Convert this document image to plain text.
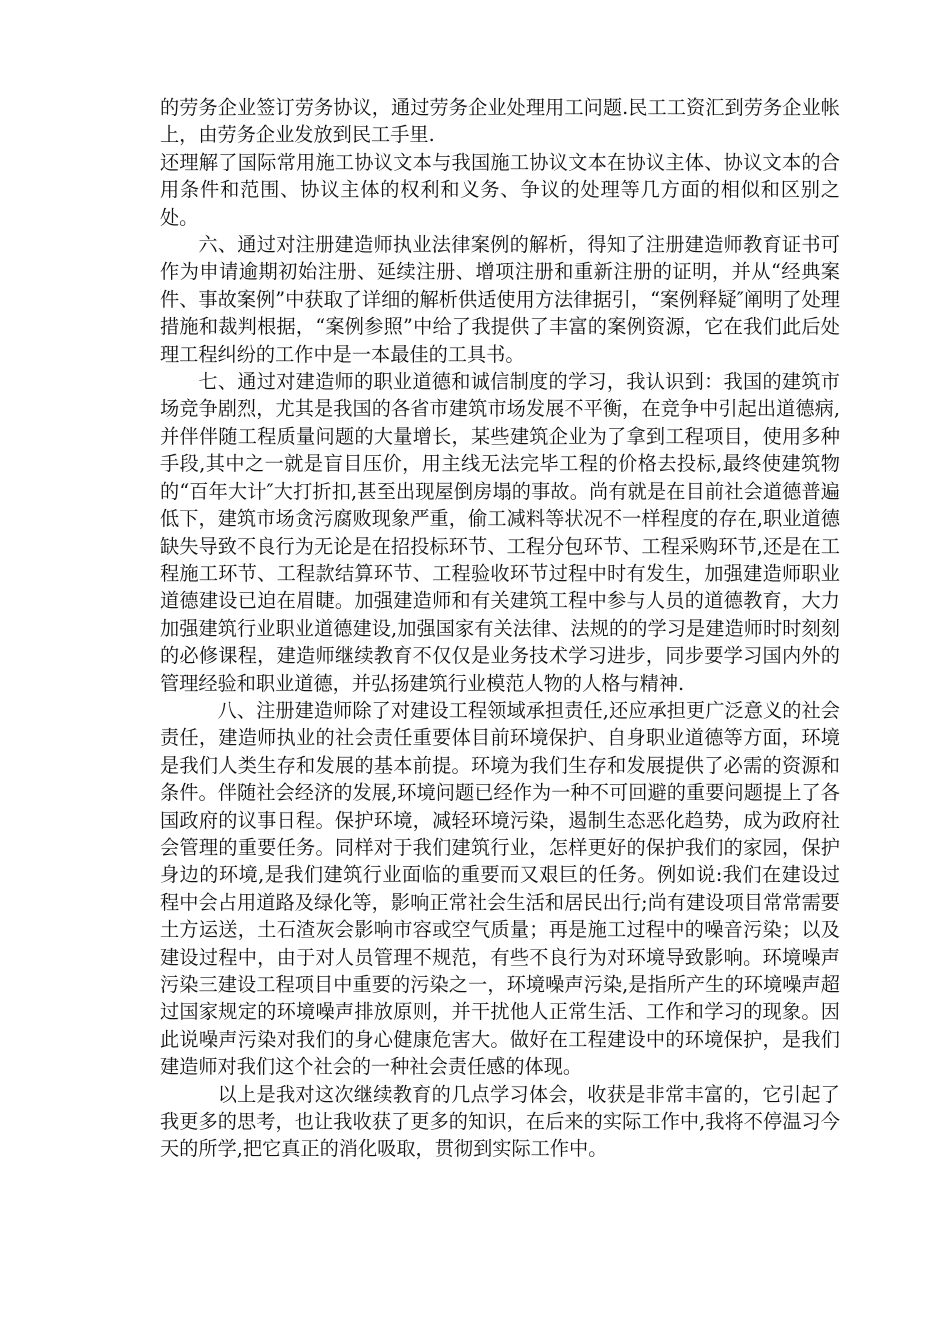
的劳务企业签订劳务协议，通过劳务企业处理用工问题.民工工资汇到劳务企业帐上，由劳务企业发放到民工手里.

还理解了国际常用施工协议文本与我国施工协议文本在协议主体、协议文本的合用条件和范围、协议主体的权利和义务、争议的处理等几方面的相似和区别之处。

六、通过对注册建造师执业法律案例的解析，得知了注册建造师教育证书可作为申请逾期初始注册、延续注册、增项注册和重新注册的证明，并从“经典案件、事故案例”中获取了详细的解析供适使用方法律据引，“案例释疑″阐明了处理措施和裁判根据，“案例参照”中给了我提供了丰富的案例资源，它在我们此后处理工程纠纷的工作中是一本最佳的工具书。

七、通过对建造师的职业道德和诚信制度的学习，我认识到：我国的建筑市场竞争剧烈，尤其是我国的各省市建筑市场发展不平衡，在竞争中引起出道德病,并伴伴随工程质量问题的大量增长，某些建筑企业为了拿到工程项目，使用多种手段,其中之一就是盲目压价，用主线无法完毕工程的价格去投标,最终使建筑物的“百年大计″大打折扣,甚至出现屋倒房塌的事故。尚有就是在目前社会道德普遍低下，建筑市场贪污腐败现象严重，偷工减料等状况不一样程度的存在,职业道德缺失导致不良行为无论是在招投标环节、工程分包环节、工程采购环节,还是在工程施工环节、工程款结算环节、工程验收环节过程中时有发生，加强建造师职业道德建设已迫在眉睫。加强建造师和有关建筑工程中参与人员的道德教育，大力加强建筑行业职业道德建设,加强国家有关法律、法规的的学习是建造师时时刻刻的必修课程，建造师继续教育不仅仅是业务技术学习进步，同步要学习国内外的管理经验和职业道德，并弘扬建筑行业模范人物的人格与精神.

八、注册建造师除了对建设工程领域承担责任,还应承担更广泛意义的社会责任，建造师执业的社会责任重要体目前环境保护、自身职业道德等方面，环境是我们人类生存和发展的基本前提。环境为我们生存和发展提供了必需的资源和条件。伴随社会经济的发展,环境问题已经作为一种不可回避的重要问题提上了各国政府的议事日程。保护环境，减轻环境污染，遏制生态恶化趋势，成为政府社会管理的重要任务。同样对于我们建筑行业，怎样更好的保护我们的家园，保护身边的环境,是我们建筑行业面临的重要而又艰巨的任务。例如说:我们在建设过程中会占用道路及绿化等，影响正常社会生活和居民出行;尚有建设项目常常需要土方运送，土石渣灰会影响市容或空气质量；再是施工过程中的噪音污染；以及建设过程中，由于对人员管理不规范，有些不良行为对环境导致影响。环境噪声污染三建设工程项目中重要的污染之一，环境噪声污染,是指所产生的环境噪声超过国家规定的环境噪声排放原则，并干扰他人正常生活、工作和学习的现象。因此说噪声污染对我们的身心健康危害大。做好在工程建设中的环境保护，是我们建造师对我们这个社会的一种社会责任感的体现。

以上是我对这次继续教育的几点学习体会，收获是非常丰富的，它引起了我更多的思考，也让我收获了更多的知识，在后来的实际工作中,我将不停温习今天的所学,把它真正的消化吸取，贯彻到实际工作中。
